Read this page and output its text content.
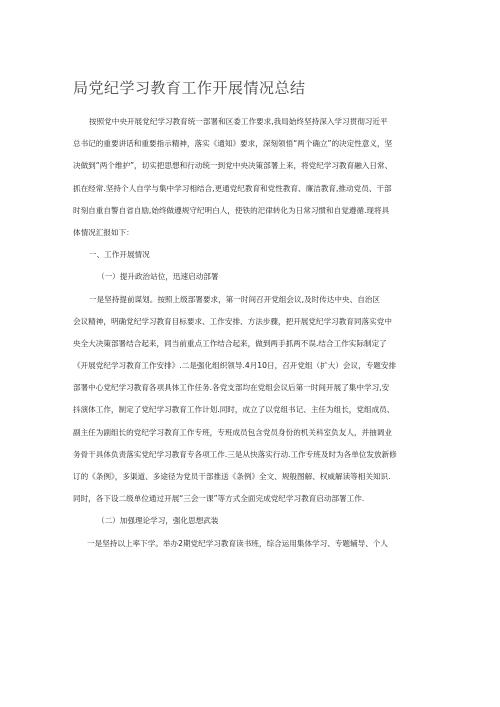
局党纪学习教育工作开展情况总结
按照党中央开展党纪学习教育统一部署和区委工作要求,我局始终坚持深入学习贯彻习近平
总书记的重要讲话和重要指示精神，落实《通知》要求，深刻领悟“两个确立”的决定性意义，坚
决做到“两个维护”，切实把思想和行动统一到党中央决策部署上来，将党纪学习教育融入日常、
抓在经常.坚持个人自学与集中学习相结合,更通党纪教育和党性教育、廉洁教育,推动党员、干部
时刻自重自警自省自励,始终做遵规守纪明白人，使铁的汜律转化为日常习惯和自觉遵循.现将具
体情况汇报如下：
一、工作开展情况
（一）提升政治站位，迅速启动部署
一是坚持提前谋划。按照上级部署要求，第一时间召开党组会议,及时传达中央、自治区
会议精神，明确党纪学习教育目标要求、工作安排、方法步骤，把开展党纪学习教育同落实党中
央全大决策部署结合起来，同当前重点工作结合起来，做到两手抓两不误.结合工作实际制定了
《开展党纪学习教育工作安排》.二是强化组织领导.4月10日，召开党组（扩大）会议，专题安排
部署中心党纪学习教育各项具体工作任务.各党支部均在党组会议后第一时间开展了集中学习,安
抖演体工作，制定了党纪学习教育工作计划.同时，成立了以党组书记、主任为组长，党组成员、
副主任为副组长的党纪学习教育工作专班，专班成员包含党员身份的机关科室负友人，并抽调业
务骨干具体负责落实党纪学习教育专各项工作.三是从快落实行动.工作专班及时为各单位发放新修
订的《条例》，多渠道、多途径为党员干部推送《条例》全文、规般图解、权威解读等相关知识.
同时，各下设二级单位通过开展“三会一课”等方式全面完成党纪学习教育启动部署工作.
（二）加强理论学习，强化思想武装
一是坚持以上率下学。举办2期党纪学习教育读书班，综合运用集体学习、专题辅导、个人
